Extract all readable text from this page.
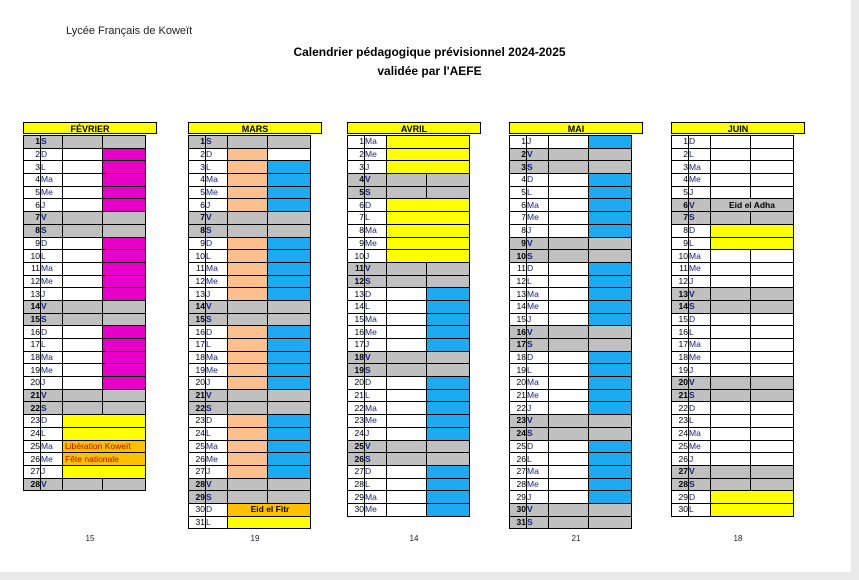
Lycée Français de Koweït
Calendrier pédagogique prévisionnel 2024-2025
validée par l'AEFE
FÉVRIER
1	S		
2	D		
3	L		
4	Ma		
5	Me		
6	J		
7	V		
8	S		
9	D		
10	L		
11	Ma		
12	Me		
13	J		
14	V		
15	S		
16	D		
17	L		
18	Ma		
19	Me		
20	J		
21	V		
22	S		
23	D		
24	L		
25	Ma	Libération Koweït	
26	Me	Fête nationale	
27	J		
28	V		
15
MARS
1	S		
2	D		
3	L		
4	Ma		
5	Me		
6	J		
7	V		
8	S		
9	D		
10	L		
11	Ma		
12	Me		
13	J		
14	V		
15	S		
16	D		
17	L		
18	Ma		
19	Me		
20	J		
21	V		
22	S		
23	D		
24	L		
25	Ma		
26	Me		
27	J		
28	V		
29	S		
30	D	Eid el Fitr	
31	L		
19
AVRIL
1	Ma		
2	Me		
3	J		
4	V		
5	S		
6	D		
7	L		
8	Ma		
9	Me		
10	J		
11	V		
12	S		
13	D		
14	L		
15	Ma		
16	Me		
17	J		
18	V		
19	S		
20	D		
21	L		
22	Ma		
23	Me		
24	J		
25	V		
26	S		
27	D		
28	L		
29	Ma		
30	Me		
14
MAI
1	J		
2	V		
3	S		
4	D		
5	L		
6	Ma		
7	Me		
8	J		
9	V		
10	S		
11	D		
12	L		
13	Ma		
14	Me		
15	J		
16	V		
17	S		
18	D		
19	L		
20	Ma		
21	Me		
22	J		
23	V		
24	S		
25	D		
26	L		
27	Ma		
28	Me		
29	J		
30	V		
31	S		
21
JUIN
1	D		
2	L		
3	Ma		
4	Me		
5	J		
6	V	Eid el Adha	
7	S		
8	D		
9	L		
10	Ma		
11	Me		
12	J		
13	V		
14	S		
15	D		
16	L		
17	Ma		
18	Me		
19	J		
20	V		
21	S		
22	D		
23	L		
24	Ma		
25	Me		
26	J		
27	V		
28	S		
29	D		
30	L		
18
